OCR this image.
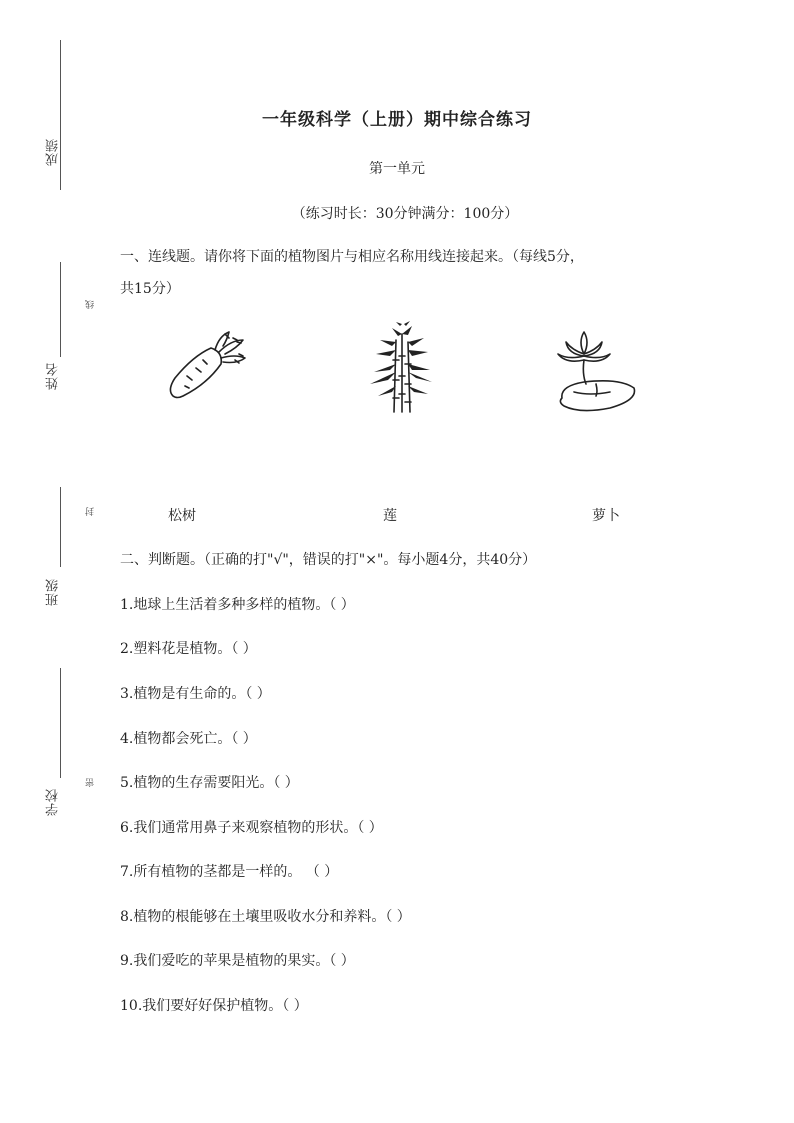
成绩
线
姓名
封
班级
密
学校
一年级科学（上册）期中综合练习
第一单元
（练习时长：30分钟满分：100分）
一、连线题。请你将下面的植物图片与相应名称用线连接起来。（每线5分，
共15分）
松树	莲	萝卜
二、判断题。（正确的打"√"，错误的打"×"。每小题4分，共40分）
1.地球上生活着多种多样的植物。（ ）
2.塑料花是植物。（ ）
3.植物是有生命的。（ ）
4.植物都会死亡。（ ）
5.植物的生存需要阳光。（ ）
6.我们通常用鼻子来观察植物的形状。（ ）
7.所有植物的茎都是一样的。 （ ）
8.植物的根能够在土壤里吸收水分和养料。（ ）
9.我们爱吃的苹果是植物的果实。（ ）
10.我们要好好保护植物。（ ）
